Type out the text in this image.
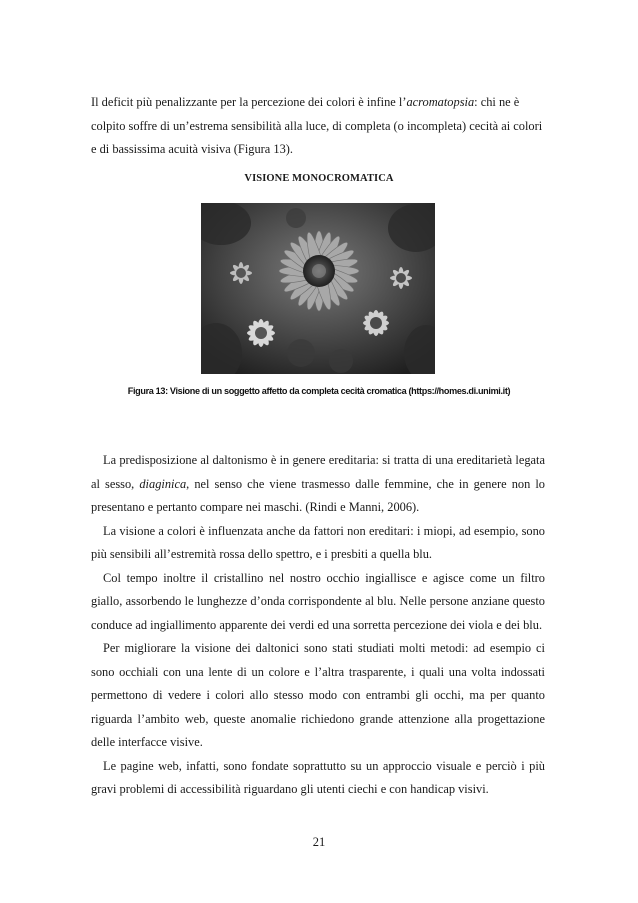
Il deficit più penalizzante per la percezione dei colori è infine l’acromatopsia: chi ne è colpito soffre di un’estrema sensibilità alla luce, di completa (o incompleta) cecità ai colori e di bassissima acuità visiva (Figura 13).

VISIONE MONOCROMATICA
Figura 13: Visione di un soggetto affetto da completa cecità cromatica (https://homes.di.unimi.it)

La predisposizione al daltonismo è in genere ereditaria: si tratta di una ereditarietà legata al sesso, diaginica, nel senso che viene trasmesso dalle femmine, che in genere non lo presentano e pertanto compare nei maschi. (Rindi e Manni, 2006).

La visione a colori è influenzata anche da fattori non ereditari: i miopi, ad esempio, sono più sensibili all’estremità rossa dello spettro, e i presbiti a quella blu.

Col tempo inoltre il cristallino nel nostro occhio ingiallisce e agisce come un filtro giallo, assorbendo le lunghezze d’onda corrispondente al blu. Nelle persone anziane questo conduce ad ingiallimento apparente dei verdi ed una sorretta percezione dei viola e dei blu.

Per migliorare la visione dei daltonici sono stati studiati molti metodi: ad esempio ci sono occhiali con una lente di un colore e l’altra trasparente, i quali una volta indossati permettono di vedere i colori allo stesso modo con entrambi gli occhi, ma per quanto riguarda l’ambito web, queste anomalie richiedono grande attenzione alla progettazione delle interfacce visive.

Le pagine web, infatti, sono fondate soprattutto su un approccio visuale e perciò i più gravi problemi di accessibilità riguardano gli utenti ciechi e con handicap visivi.

21
